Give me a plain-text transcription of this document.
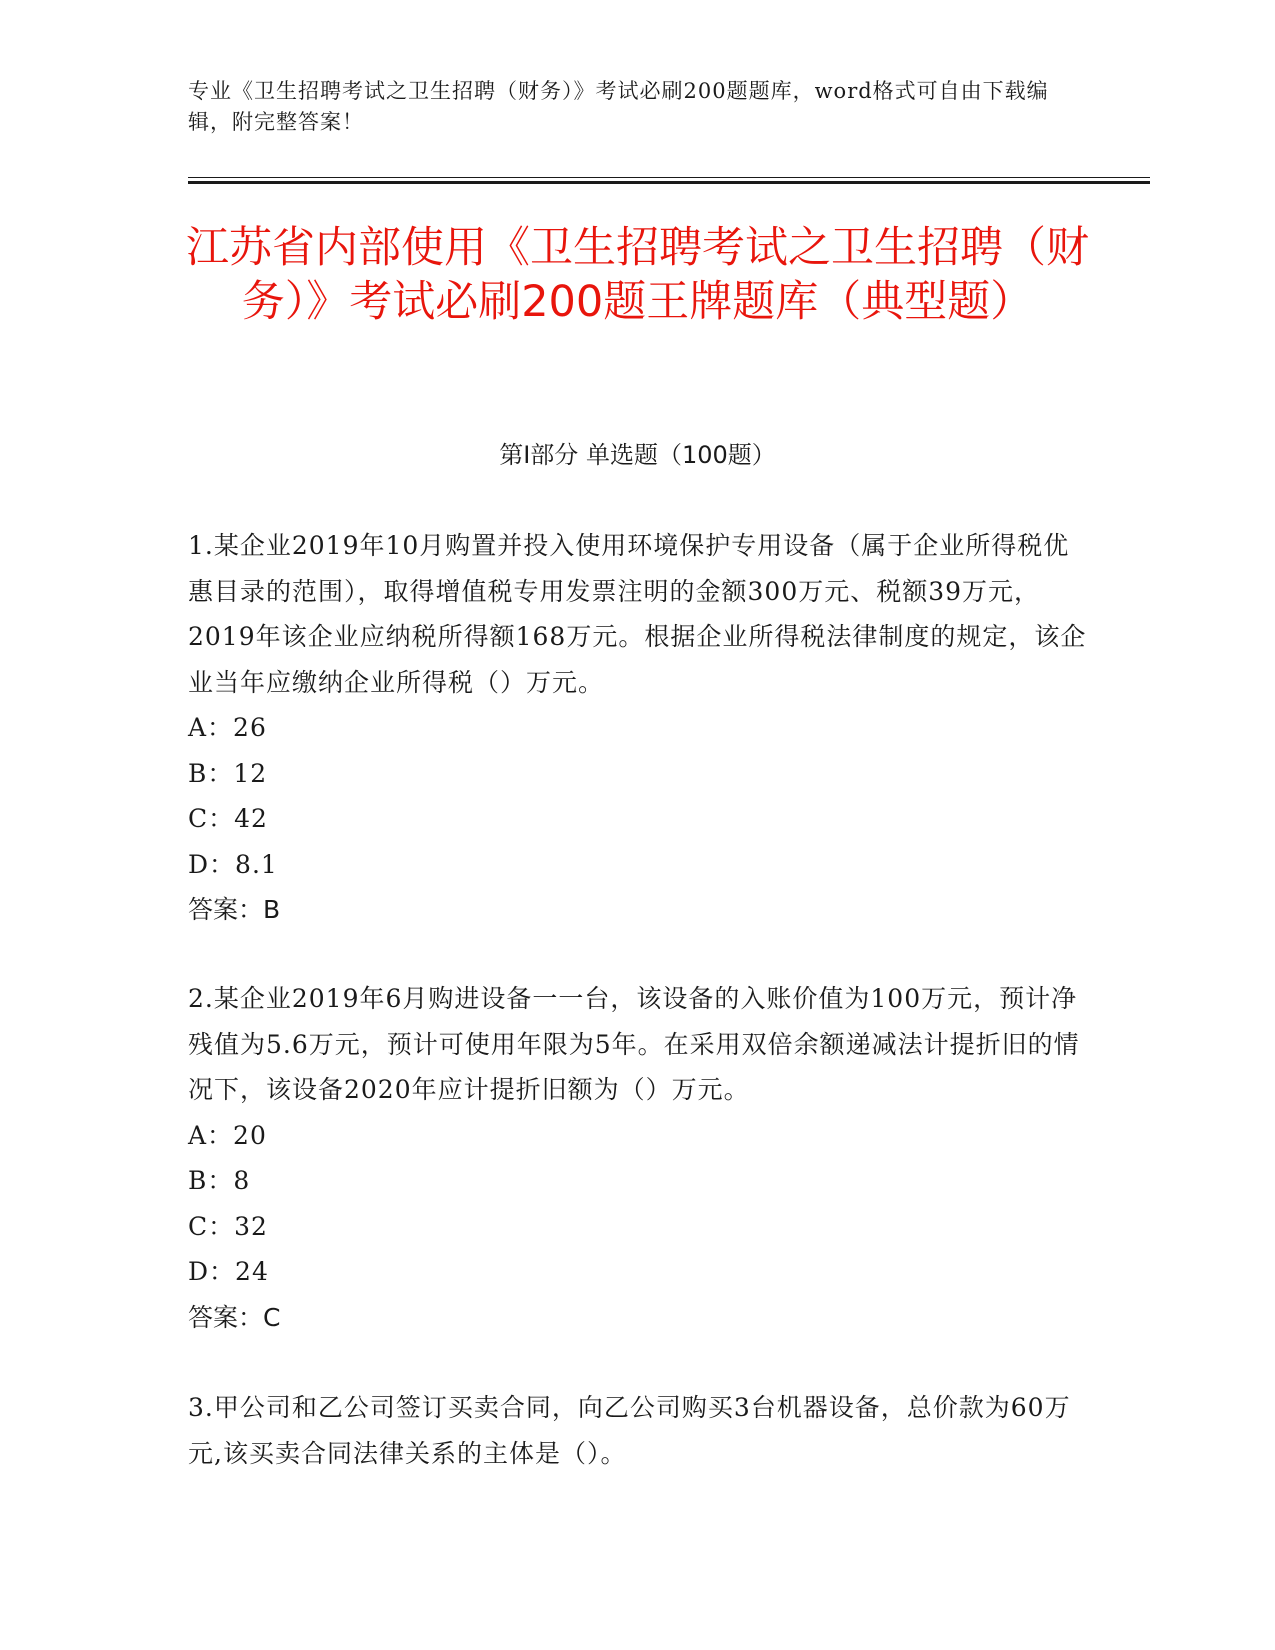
专业《卫生招聘考试之卫生招聘（财务）》考试必刷200题题库，word格式可自由下载编辑，附完整答案！
江苏省内部使用《卫生招聘考试之卫生招聘（财务）》考试必刷200题王牌题库（典型题）
第Ⅰ部分 单选题（100题）
1.某企业2019年10月购置并投入使用环境保护专用设备（属于企业所得税优惠目录的范围），取得增值税专用发票注明的金额300万元、税额39万元，2019年该企业应纳税所得额168万元。根据企业所得税法律制度的规定，该企业当年应缴纳企业所得税（）万元。
A：26
B：12
C：42
D：8.1
答案：B
2.某企业2019年6月购进设备一一台，该设备的入账价值为100万元，预计净残值为5.6万元，预计可使用年限为5年。在采用双倍余额递减法计提折旧的情况下，该设备2020年应计提折旧额为（）万元。
A：20
B：8
C：32
D：24
答案：C
3.甲公司和乙公司签订买卖合同，向乙公司购买3台机器设备，总价款为60万元,该买卖合同法律关系的主体是（）。
